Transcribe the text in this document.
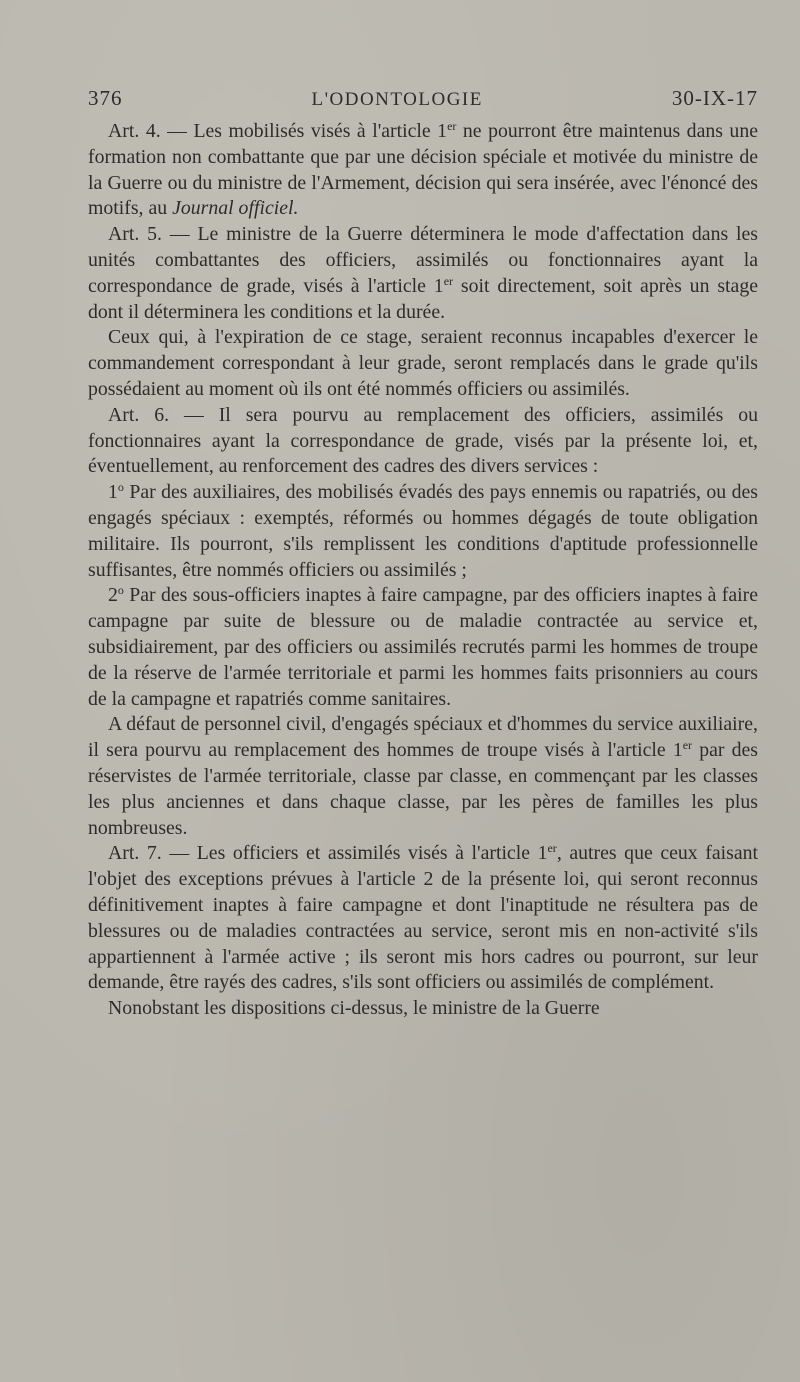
376	L'ODONTOLOGIE	30-IX-17

Art. 4. — Les mobilisés visés à l'article 1er ne pourront être maintenus dans une formation non combattante que par une décision spéciale et motivée du ministre de la Guerre ou du ministre de l'Armement, décision qui sera insérée, avec l'énoncé des motifs, au Journal officiel.

Art. 5. — Le ministre de la Guerre déterminera le mode d'affectation dans les unités combattantes des officiers, assimilés ou fonctionnaires ayant la correspondance de grade, visés à l'article 1er soit directement, soit après un stage dont il déterminera les conditions et la durée.

Ceux qui, à l'expiration de ce stage, seraient reconnus incapables d'exercer le commandement correspondant à leur grade, seront remplacés dans le grade qu'ils possédaient au moment où ils ont été nommés officiers ou assimilés.

Art. 6. — Il sera pourvu au remplacement des officiers, assimilés ou fonctionnaires ayant la correspondance de grade, visés par la présente loi, et, éventuellement, au renforcement des cadres des divers services :

1$^o$ Par des auxiliaires, des mobilisés évadés des pays ennemis ou rapatriés, ou des engagés spéciaux : exemptés, réformés ou hommes dégagés de toute obligation militaire. Ils pourront, s'ils remplissent les conditions d'aptitude professionnelle suffisantes, être nommés officiers ou assimilés ;

2$^o$ Par des sous-officiers inaptes à faire campagne, par des officiers inaptes à faire campagne par suite de blessure ou de maladie contractée au service et, subsidiairement, par des officiers ou assimilés recrutés parmi les hommes de troupe de la réserve de l'armée territoriale et parmi les hommes faits prisonniers au cours de la campagne et rapatriés comme sanitaires.

A défaut de personnel civil, d'engagés spéciaux et d'hommes du service auxiliaire, il sera pourvu au remplacement des hommes de troupe visés à l'article 1er par des réservistes de l'armée territoriale, classe par classe, en commençant par les classes les plus anciennes et dans chaque classe, par les pères de familles les plus nombreuses.

Art. 7. — Les officiers et assimilés visés à l'article 1er, autres que ceux faisant l'objet des exceptions prévues à l'article 2 de la présente loi, qui seront reconnus définitivement inaptes à faire campagne et dont l'inaptitude ne résultera pas de blessures ou de maladies contractées au service, seront mis en non-activité s'ils appartiennent à l'armée active ; ils seront mis hors cadres ou pourront, sur leur demande, être rayés des cadres, s'ils sont officiers ou assimilés de complément.

Nonobstant les dispositions ci-dessus, le ministre de la Guerre
